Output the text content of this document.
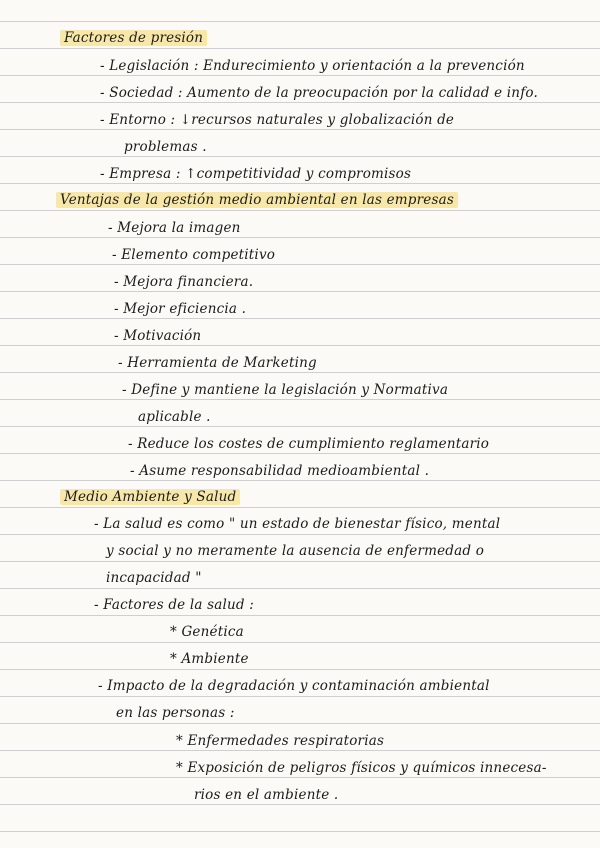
Factores de presión
- Legislación : Endurecimiento y orientación a la prevención
- Sociedad : Aumento de la preocupación por la calidad e info.
- Entorno : ↓recursos naturales y globalización de
problemas .
- Empresa : ↑competitividad y compromisos
Ventajas de la gestión medio ambiental en las empresas
- Mejora la imagen
- Elemento competitivo
- Mejora financiera.
- Mejor eficiencia .
- Motivación
- Herramienta de Marketing
- Define y mantiene la legislación y Normativa
aplicable .
- Reduce los costes de cumplimiento reglamentario
- Asume responsabilidad medioambiental .
Medio Ambiente y Salud
- La salud es como " un estado de bienestar físico, mental
y social y no meramente la ausencia de enfermedad o
incapacidad "
- Factores de la salud :
* Genética
* Ambiente
- Impacto de la degradación y contaminación ambiental
en las personas :
* Enfermedades respiratorias
* Exposición de peligros físicos y químicos innecesa-
rios en el ambiente .
